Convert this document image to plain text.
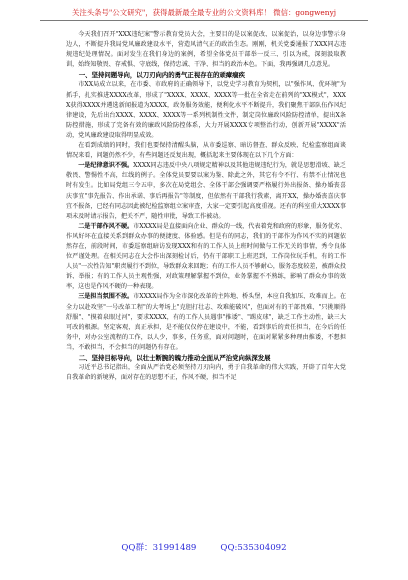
关注头条号"公文研究"，获得最新最全最专业的公文资料库！ 微信：gongwenyj

今天我们召开"XXX违纪案"警示教育党员大会，主要目的是以案促改、以案促治，以身边事警示身边人，不断提升我局党风廉政建设水平，营造风清气正的政治生态。刚刚，机关党委通报了XXX同志违规违纪处理情况。面对发生在我们身边的案例，希望全体党员干部举一反三、引以为戒，深刻汲取教训，始终知敬畏、存戒惧、守底线，保持忠诚、干净、担当的政治本色。下面，我再强调几点意见。

一、坚持问题导向，以刀刃向内的勇气正视存在的顽瘴痼疾

市XX局成立以来，在市委、市政府的正确领导下，以党史学习教育为契机，以"强作风、优环境"为抓手，扎实推进XXXX改革，形成了"XXXX、XXXX、XXXX等一批在全省走在前列的"XX模式"，XXXX获得XXXX并遴选新闻报道为XXXX，政务服务效能，便利化水平不断提升，我们聚焦干部队伍作风纪律建设，先后出台XXXX、XXXX、XXXX等一系列机制性文件，制定岗位廉政风险防控清单，提出X条防控措施，形成了完备有效的廉政风险防控体系，大力开展XXXX专项整治行动，创新开展"XXXX"活动，党风廉政建设取得明显成效。

在看到成绩的同时，我们也要保持清醒头脑，从市委巡察、暗访督查、群众反映、纪检监察组面谈情况来看，问题仍然不少，有些问题还反复出现，概括起来主要体现在以下几个方面：

一是纪律意识不强。XXXX同志违反中央八项规定精神以及其他违规违纪行为，就是思想滑坡、缺乏敬畏、警惕性不高，红线的例子。全体党员要要以案为鉴、除此之外，其它有令不行、有禁不止情况也时有发生。比如局党组三令五申，多次在局党组会、全体干部会强调要严格履行外出报备、操办婚丧喜庆事宜"事先报告、作出承诺、事后再报告"等制度，但依然有干部我行我素，离开XX，操办婚丧喜庆事宜不报备，已经有同志因此被纪检监察组立案审查，大家一定要引起高度重视。还有的科室重大XXXX事项未及时请示报告，把关不严，随性审批，导致工作被动。

二是干部作风不硬。市XXXX局是直接面向企业、群众的一线，代表着党和政府的形象，服务优劣、作风好坏在直接关系到群众办事的便捷度、体验感。但是有的同志，我们的干部作为作风不实的问题依然存在，前段时间，市委巡察组暗访发现XXX和有的工作人员上班时间做与工作无关的事情，秀令良体位严谨处理。在相关同志在大会作出深刻检讨后，仍有干部职工上班迟到，工作岗位玩手机，有的工作人员"一次性告知"职责履行不到位，导致群众来回跑；有的工作人员不够耐心，服务态度较差，被群众投诉、举报；有的工作人员主观性强，对政策理解掌握不到位，业务掌握不不熟练，影响了群众办事的效率，这也是作风不硬的一种表现。

三是担当氛围不浓。市XXXX局作为全市深化改革的主阵地、桥头堡，本应自我加压、攻难而上。在全力以赴攻坚"一号改革工程"的大考场上"克胆打壮志、攻难能破风"，但面对有的干部畏难、"只挑顺得舒服"、"摸着泉眼过河"，要求XXXX，有的工作人员遇事"推诿"、"踢皮球"，缺乏工作主动性，缺三大可改的根源。坚定客观，真正承担，是不能仅仅停在建设中，不能，看到事后的责任担当，在今后的任务中，对办公室流程的工作，以人少，事多，任务重，面对问题时，在面对紧紧多种理由推诿，不想担当，不敢担当，不会担当的问题仍有存在。

二、坚持目标导向，以壮士断腕的魄力推动全面从严治党向纵深发展

习近平总书记指出，全面从严治党必须坚持刀刃向内，勇于自我革命的伟大实践，开辟了百年大党自我革命的新境界，面对存在的思想不正，作风不硬，担当不足

QQ群：31991489	QQ:535304092
